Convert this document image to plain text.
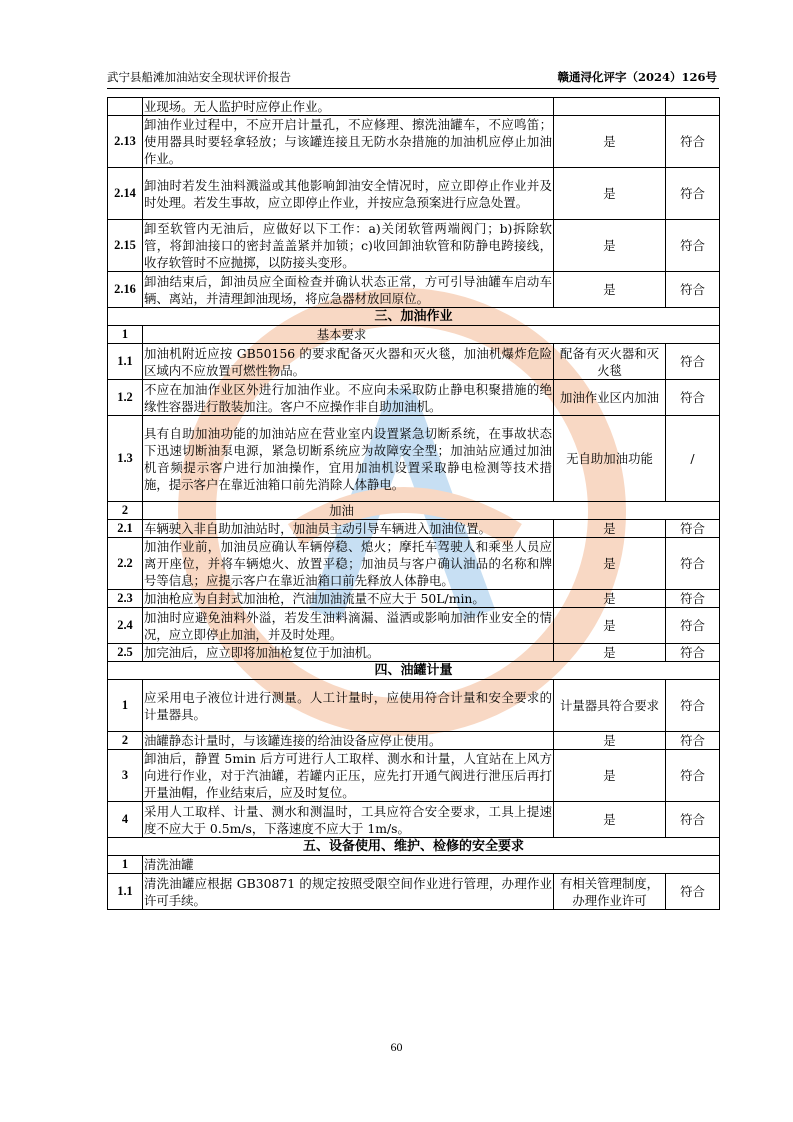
武宁县船滩加油站安全现状评价报告	赣通浔化评字（2024）126号
	业现场。无人监护时应停止作业。		
2.13	卸油作业过程中，不应开启计量孔，不应修理、擦洗油罐车，不应鸣笛；使用器具时要轻拿轻放；与该罐连接且无防水杂措施的加油机应停止加油作业。	是	符合
2.14	卸油时若发生油料溅溢或其他影响卸油安全情况时，应立即停止作业并及时处理。若发生事故，应立即停止作业，并按应急预案进行应急处置。	是	符合
2.15	卸至软管内无油后，应做好以下工作：a)关闭软管两端阀门；b)拆除软管，将卸油接口的密封盖盖紧并加锁；c)收回卸油软管和防静电跨接线，收存软管时不应抛掷，以防接头变形。	是	符合
2.16	卸油结束后，卸油员应全面检查并确认状态正常，方可引导油罐车启动车辆、离站，并清理卸油现场，将应急器材放回原位。	是	符合
三、加油作业			
1	基本要求		
1.1	加油机附近应按 GB50156 的要求配备灭火器和灭火毯，加油机爆炸危险区域内不应放置可燃性物品。	配备有灭火器和灭火毯	符合
1.2	不应在加油作业区外进行加油作业。不应向未采取防止静电积聚措施的绝缘性容器进行散装加注。客户不应操作非自助加油机。	加油作业区内加油	符合
1.3	具有自助加油功能的加油站应在营业室内设置紧急切断系统，在事故状态下迅速切断油泵电源，紧急切断系统应为故障安全型；加油站应通过加油机音频提示客户进行加油操作，宜用加油机设置采取静电检测等技术措施，提示客户在靠近油箱口前先消除人体静电。	无自助加油功能	/
2	加油		
2.1	车辆驶入非自助加油站时，加油员主动引导车辆进入加油位置。	是	符合
2.2	加油作业前，加油员应确认车辆停稳、熄火；摩托车驾驶人和乘坐人员应离开座位，并将车辆熄火、放置平稳；加油员与客户确认油品的名称和牌号等信息；应提示客户在靠近油箱口前先释放人体静电。	是	符合
2.3	加油枪应为自封式加油枪，汽油加油流量不应大于 50L/min。	是	符合
2.4	加油时应避免油料外溢，若发生油料滴漏、溢洒或影响加油作业安全的情况，应立即停止加油，并及时处理。	是	符合
2.5	加完油后，应立即将加油枪复位于加油机。	是	符合
四、油罐计量			
1	应采用电子液位计进行测量。人工计量时，应使用符合计量和安全要求的计量器具。	计量器具符合要求	符合
2	油罐静态计量时，与该罐连接的给油设备应停止使用。	是	符合
3	卸油后，静置 5min 后方可进行人工取样、测水和计量，人宜站在上风方向进行作业，对于汽油罐，若罐内正压，应先打开通气阀进行泄压后再打开量油帽，作业结束后，应及时复位。	是	符合
4	采用人工取样、计量、测水和测温时，工具应符合安全要求，工具上提速度不应大于 0.5m/s，下落速度不应大于 1m/s。	是	符合
五、设备使用、维护、检修的安全要求			
1	清洗油罐		
1.1	清洗油罐应根据 GB30871 的规定按照受限空间作业进行管理，办理作业许可手续。	有相关管理制度，办理作业许可	符合
60
